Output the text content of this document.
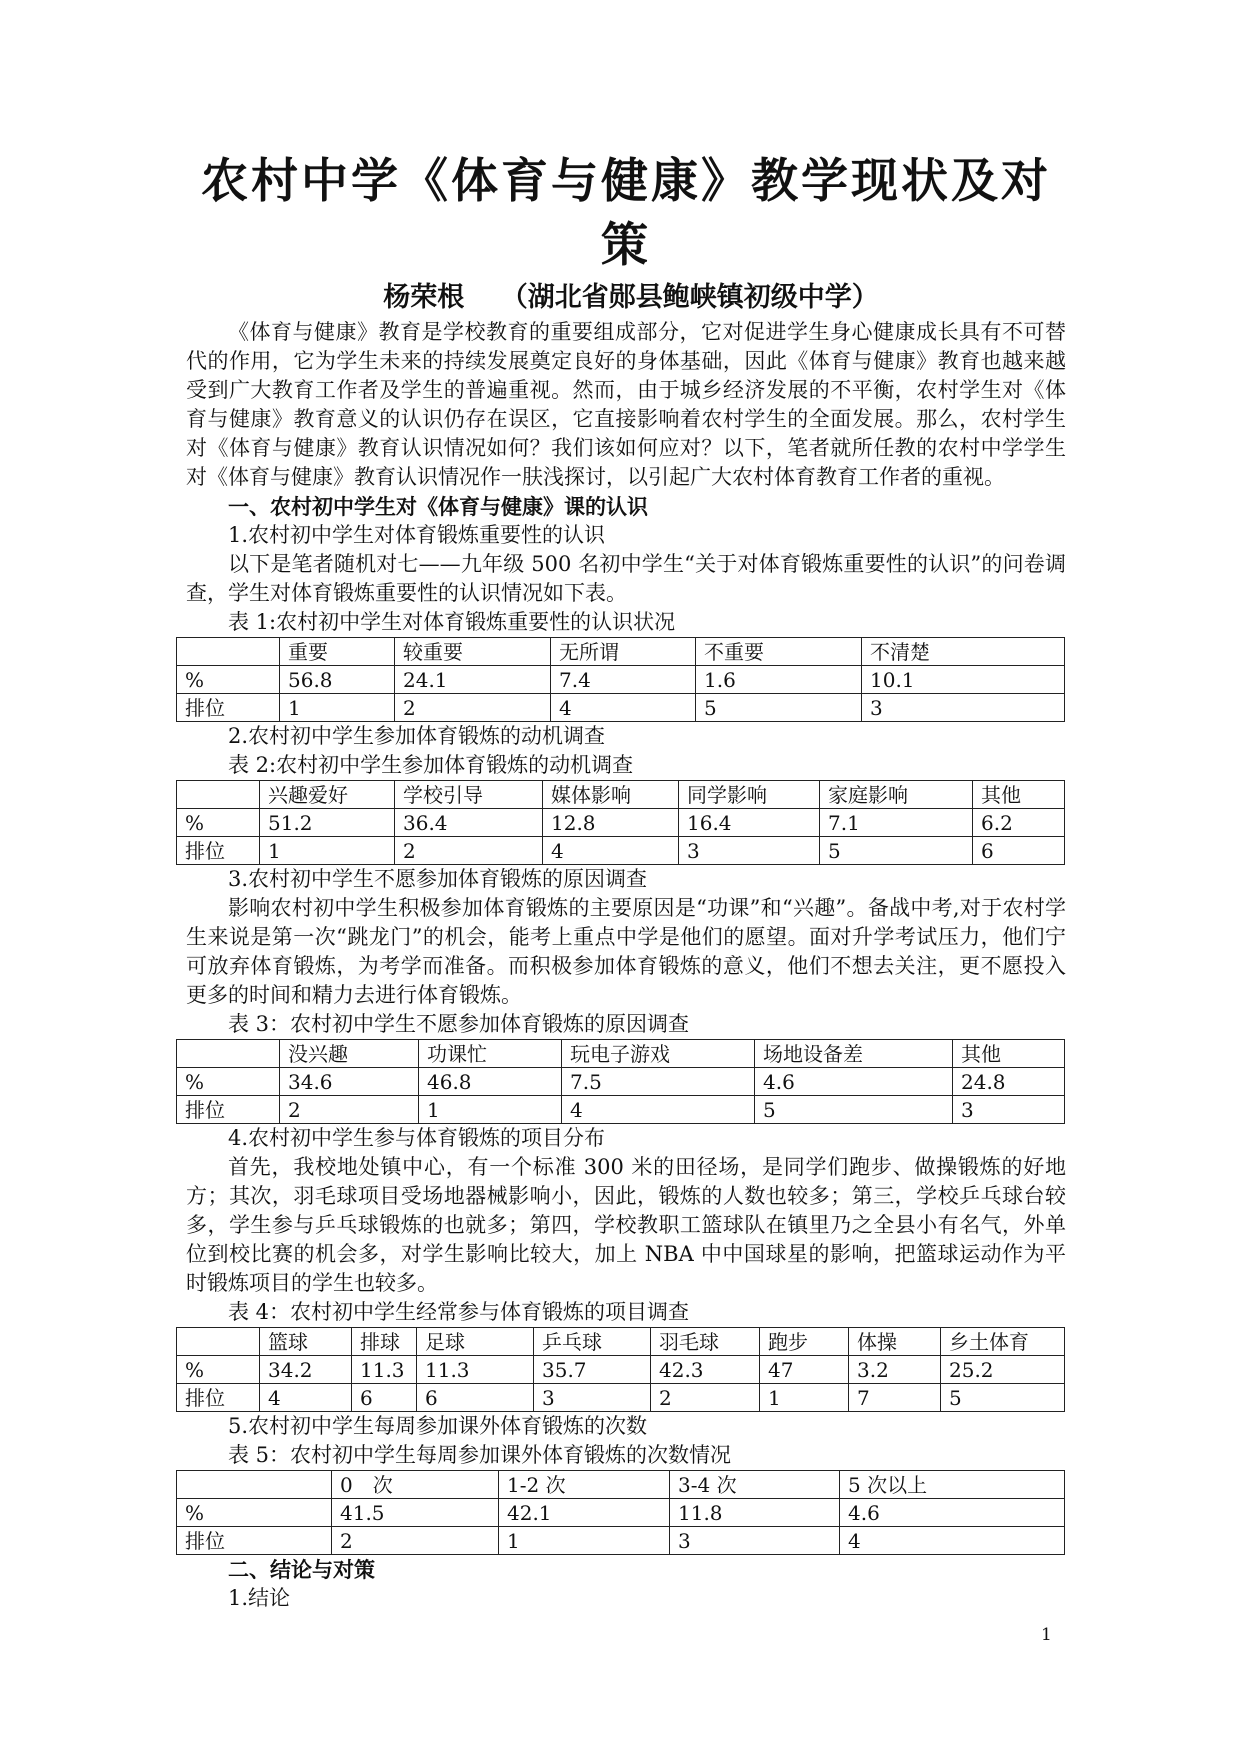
农村中学《体育与健康》教学现状及对策
杨荣根　 （湖北省郧县鲍峡镇初级中学）

《体育与健康》教育是学校教育的重要组成部分，它对促进学生身心健康成长具有不可替代的作用，它为学生未来的持续发展奠定良好的身体基础，因此《体育与健康》教育也越来越受到广大教育工作者及学生的普遍重视。然而，由于城乡经济发展的不平衡，农村学生对《体育与健康》教育意义的认识仍存在误区，它直接影响着农村学生的全面发展。那么，农村学生对《体育与健康》教育认识情况如何？我们该如何应对？以下，笔者就所任教的农村中学学生对《体育与健康》教育认识情况作一肤浅探讨，以引起广大农村体育教育工作者的重视。

一、农村初中学生对《体育与健康》课的认识

1.农村初中学生对体育锻炼重要性的认识

以下是笔者随机对七——九年级 500 名初中学生“关于对体育锻炼重要性的认识”的问卷调查，学生对体育锻炼重要性的认识情况如下表。

表 1:农村初中学生对体育锻炼重要性的认识状况

	重要	较重要	无所谓	不重要	不清楚
%	56.8	24.1	7.4	1.6	10.1
排位	1	2	4	5	3

2.农村初中学生参加体育锻炼的动机调查

表 2:农村初中学生参加体育锻炼的动机调查

	兴趣爱好	学校引导	媒体影响	同学影响	家庭影响	其他
%	51.2	36.4	12.8	16.4	7.1	6.2
排位	1	2	4	3	5	6

3.农村初中学生不愿参加体育锻炼的原因调查

影响农村初中学生积极参加体育锻炼的主要原因是“功课”和“兴趣”。备战中考,对于农村学生来说是第一次“跳龙门”的机会，能考上重点中学是他们的愿望。面对升学考试压力，他们宁可放弃体育锻炼，为考学而准备。而积极参加体育锻炼的意义，他们不想去关注，更不愿投入更多的时间和精力去进行体育锻炼。

表 3：农村初中学生不愿参加体育锻炼的原因调查

	没兴趣	功课忙	玩电子游戏	场地设备差	其他
%	34.6	46.8	7.5	4.6	24.8
排位	2	1	4	5	3

4.农村初中学生参与体育锻炼的项目分布

首先，我校地处镇中心，有一个标准 300 米的田径场，是同学们跑步、做操锻炼的好地方；其次，羽毛球项目受场地器械影响小，因此，锻炼的人数也较多；第三，学校乒乓球台较多，学生参与乒乓球锻炼的也就多；第四，学校教职工篮球队在镇里乃之全县小有名气，外单位到校比赛的机会多，对学生影响比较大，加上 NBA 中中国球星的影响，把篮球运动作为平时锻炼项目的学生也较多。

表 4：农村初中学生经常参与体育锻炼的项目调查

	篮球	排球	足球	乒乓球	羽毛球	跑步	体操	乡土体育
%	34.2	11.3	11.3	35.7	42.3	47	3.2	25.2
排位	4	6	6	3	2	1	7	5

5.农村初中学生每周参加课外体育锻炼的次数

表 5：农村初中学生每周参加课外体育锻炼的次数情况

	0　次	1-2 次	3-4 次	5 次以上
%	41.5	42.1	11.8	4.6
排位	2	1	3	4

二、结论与对策

1.结论

1
